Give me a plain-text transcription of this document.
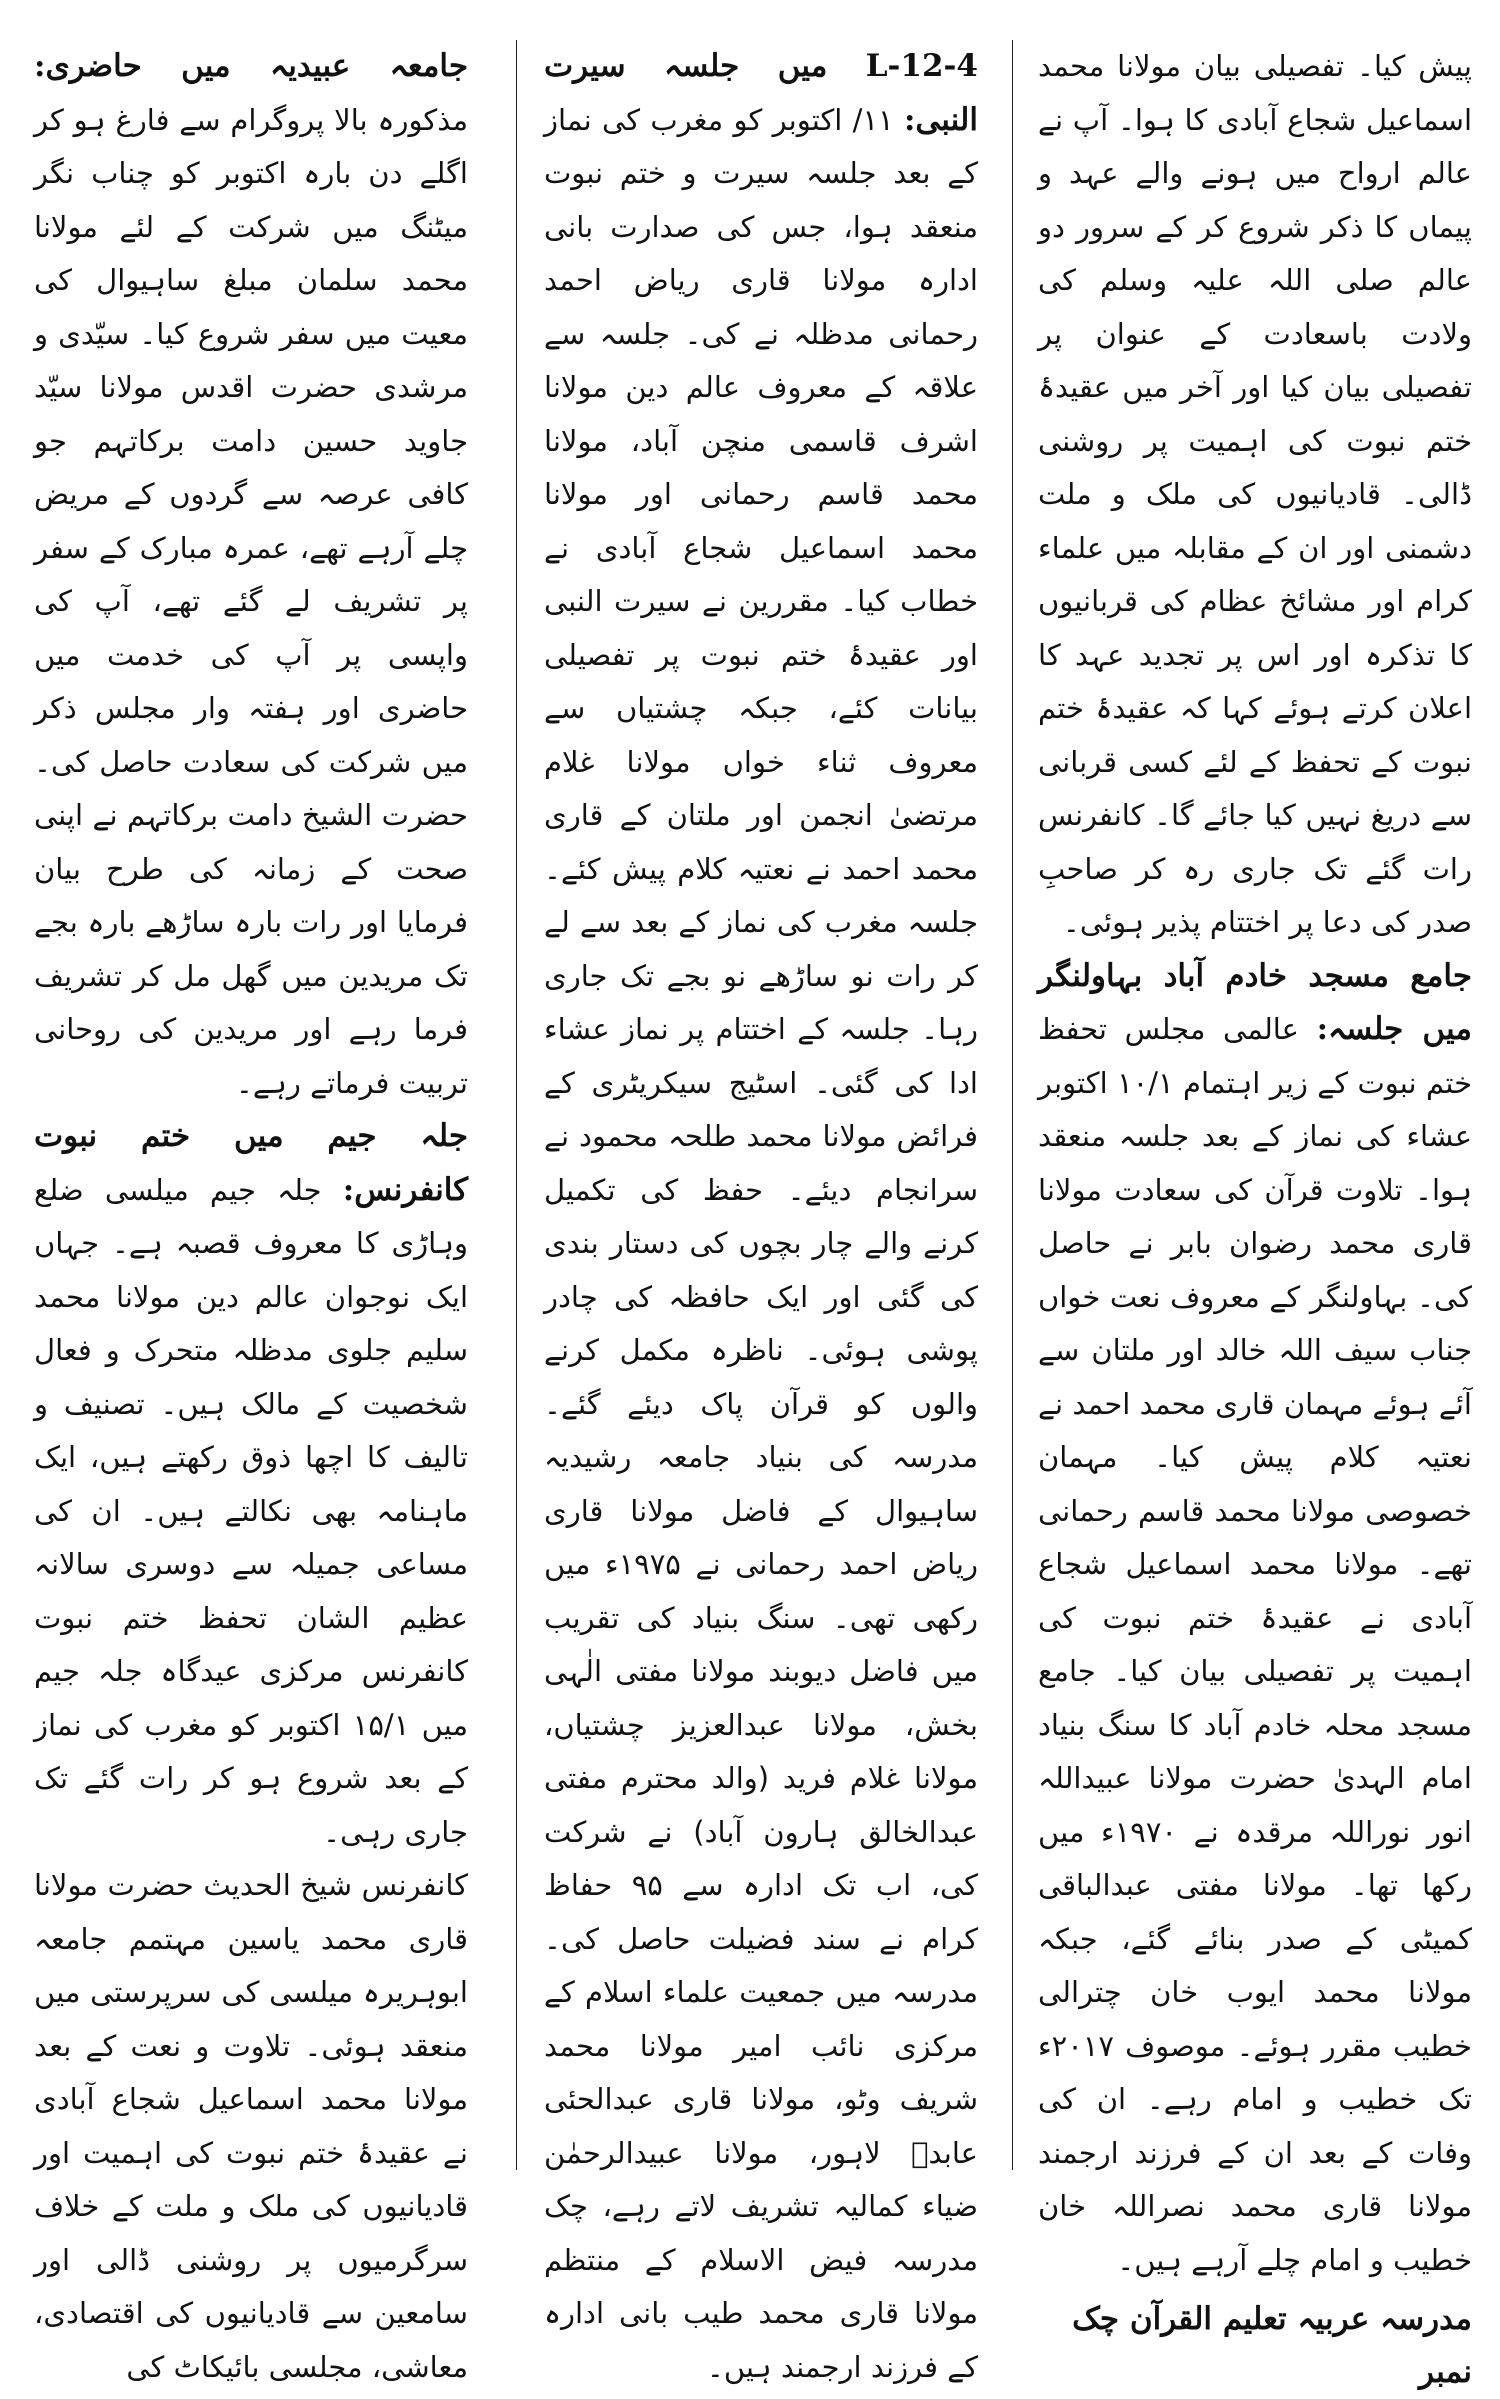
پیش کیا۔ تفصیلی بیان مولانا محمد اسماعیل شجاع آبادی کا ہوا۔ آپ نے عالم ارواح میں ہونے والے عہد و پیماں کا ذکر شروع کر کے سرور دو عالم صلی اللہ علیہ وسلم کی ولادت باسعادت کے عنوان پر تفصیلی بیان کیا اور آخر میں عقیدۂ ختم نبوت کی اہمیت پر روشنی ڈالی۔ قادیانیوں کی ملک و ملت دشمنی اور ان کے مقابلہ میں علماء کرام اور مشائخ عظام کی قربانیوں کا تذکرہ اور اس پر تجدید عہد کا اعلان کرتے ہوئے کہا کہ عقیدۂ ختم نبوت کے تحفظ کے لئے کسی قربانی سے دریغ نہیں کیا جائے گا۔ کانفرنس رات گئے تک جاری رہ کر صاحبِ صدر کی دعا پر اختتام پذیر ہوئی۔

جامع مسجد خادم آباد بہاولنگر میں جلسہ: عالمی مجلس تحفظ ختم نبوت کے زیر اہتمام ۱۰/۱ اکتوبر عشاء کی نماز کے بعد جلسہ منعقد ہوا۔ تلاوت قرآن کی سعادت مولانا قاری محمد رضوان بابر نے حاصل کی۔ بہاولنگر کے معروف نعت خواں جناب سیف اللہ خالد اور ملتان سے آئے ہوئے مہمان قاری محمد احمد نے نعتیہ کلام پیش کیا۔ مہمان خصوصی مولانا محمد قاسم رحمانی تھے۔ مولانا محمد اسماعیل شجاع آبادی نے عقیدۂ ختم نبوت کی اہمیت پر تفصیلی بیان کیا۔ جامع مسجد محلہ خادم آباد کا سنگ بنیاد امام الہدیٰ حضرت مولانا عبیداللہ انور نوراللہ مرقدہ نے ۱۹۷۰ء میں رکھا تھا۔ مولانا مفتی عبدالباقی کمیٹی کے صدر بنائے گئے، جبکہ مولانا محمد ایوب خان چترالی خطیب مقرر ہوئے۔ موصوف ۲۰۱۷ء تک خطیب و امام رہے۔ ان کی وفات کے بعد ان کے فرزند ارجمند مولانا قاری محمد نصراللہ خان خطیب و امام چلے آرہے ہیں۔

مدرسہ عربیہ تعلیم القرآن چک نمبر

4-L-12 میں جلسہ سیرت النبی: ۱۱/ اکتوبر کو مغرب کی نماز کے بعد جلسہ سیرت و ختم نبوت منعقد ہوا، جس کی صدارت بانی ادارہ مولانا قاری ریاض احمد رحمانی مدظلہ نے کی۔ جلسہ سے علاقہ کے معروف عالم دین مولانا اشرف قاسمی منچن آباد، مولانا محمد قاسم رحمانی اور مولانا محمد اسماعیل شجاع آبادی نے خطاب کیا۔ مقررین نے سیرت النبی اور عقیدۂ ختم نبوت پر تفصیلی بیانات کئے، جبکہ چشتیاں سے معروف ثناء خواں مولانا غلام مرتضیٰ انجمن اور ملتان کے قاری محمد احمد نے نعتیہ کلام پیش کئے۔ جلسہ مغرب کی نماز کے بعد سے لے کر رات نو ساڑھے نو بجے تک جاری رہا۔ جلسہ کے اختتام پر نماز عشاء ادا کی گئی۔ اسٹیج سیکریٹری کے فرائض مولانا محمد طلحہ محمود نے سرانجام دیئے۔ حفظ کی تکمیل کرنے والے چار بچوں کی دستار بندی کی گئی اور ایک حافظہ کی چادر پوشی ہوئی۔ ناظرہ مکمل کرنے والوں کو قرآن پاک دیئے گئے۔ مدرسہ کی بنیاد جامعہ رشیدیہ ساہیوال کے فاضل مولانا قاری ریاض احمد رحمانی نے ۱۹۷۵ء میں رکھی تھی۔ سنگ بنیاد کی تقریب میں فاضل دیوبند مولانا مفتی الٰہی بخش، مولانا عبدالعزیز چشتیاں، مولانا غلام فرید (والد محترم مفتی عبدالخالق ہارون آباد) نے شرکت کی، اب تک ادارہ سے ۹۵ حفاظ کرام نے سند فضیلت حاصل کی۔ مدرسہ میں جمعیت علماء اسلام کے مرکزی نائب امیر مولانا محمد شریف وٹو، مولانا قاری عبدالحئی عابدؒ لاہور، مولانا عبیدالرحمٰن ضیاء کمالیہ تشریف لاتے رہے، چک مدرسہ فیض الاسلام کے منتظم مولانا قاری محمد طیب بانی ادارہ کے فرزند ارجمند ہیں۔

جامعہ عبیدیہ میں حاضری: مذکورہ بالا پروگرام سے فارغ ہو کر اگلے دن بارہ اکتوبر کو چناب نگر میٹنگ میں شرکت کے لئے مولانا محمد سلمان مبلغ ساہیوال کی معیت میں سفر شروع کیا۔ سیّدی و مرشدی حضرت اقدس مولانا سیّد جاوید حسین دامت برکاتہم جو کافی عرصہ سے گردوں کے مریض چلے آرہے تھے، عمرہ مبارک کے سفر پر تشریف لے گئے تھے، آپ کی واپسی پر آپ کی خدمت میں حاضری اور ہفتہ وار مجلس ذکر میں شرکت کی سعادت حاصل کی۔ حضرت الشیخ دامت برکاتہم نے اپنی صحت کے زمانہ کی طرح بیان فرمایا اور رات بارہ ساڑھے بارہ بجے تک مریدین میں گھل مل کر تشریف فرما رہے اور مریدین کی روحانی تربیت فرماتے رہے۔

جلہ جیم میں ختم نبوت کانفرنس: جلہ جیم میلسی ضلع وہاڑی کا معروف قصبہ ہے۔ جہاں ایک نوجوان عالم دین مولانا محمد سلیم جلوی مدظلہ متحرک و فعال شخصیت کے مالک ہیں۔ تصنیف و تالیف کا اچھا ذوق رکھتے ہیں، ایک ماہنامہ بھی نکالتے ہیں۔ ان کی مساعی جمیلہ سے دوسری سالانہ عظیم الشان تحفظ ختم نبوت کانفرنس مرکزی عیدگاہ جلہ جیم میں ۱۵/۱ اکتوبر کو مغرب کی نماز کے بعد شروع ہو کر رات گئے تک جاری رہی۔

کانفرنس شیخ الحدیث حضرت مولانا قاری محمد یاسین مہتمم جامعہ ابوہریرہ میلسی کی سرپرستی میں منعقد ہوئی۔ تلاوت و نعت کے بعد مولانا محمد اسماعیل شجاع آبادی نے عقیدۂ ختم نبوت کی اہمیت اور قادیانیوں کی ملک و ملت کے خلاف سرگرمیوں پر روشنی ڈالی اور سامعین سے قادیانیوں کی اقتصادی، معاشی، مجلسی بائیکاٹ کی
